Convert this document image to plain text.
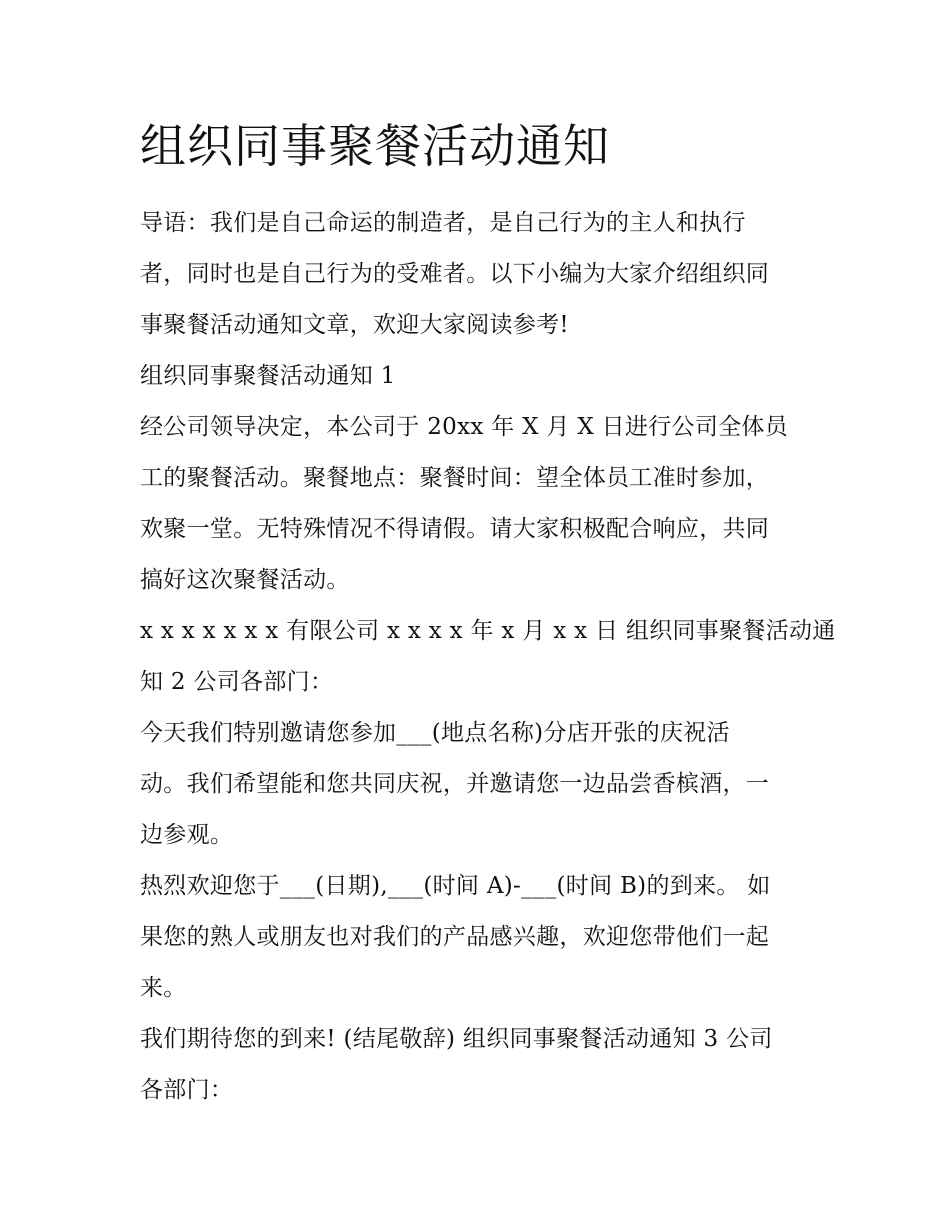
组织同事聚餐活动通知

导语：我们是自己命运的制造者，是自己行为的主人和执行
者，同时也是自己行为的受难者。以下小编为大家介绍组织同
事聚餐活动通知文章，欢迎大家阅读参考!

组织同事聚餐活动通知 1

经公司领导决定，本公司于 20xx 年 X 月 X 日进行公司全体员
工的聚餐活动。聚餐地点：聚餐时间：望全体员工准时参加，
欢聚一堂。无特殊情况不得请假。请大家积极配合响应，共同
搞好这次聚餐活动。

x x x x x x x 有限公司 x x x x 年 x 月 x x 日 组织同事聚餐活动通
知 2 公司各部门：

今天我们特别邀请您参加___(地点名称)分店开张的庆祝活
动。我们希望能和您共同庆祝，并邀请您一边品尝香槟酒，一
边参观。

热烈欢迎您于___(日期),___(时间 A)-___(时间 B)的到来。 如
果您的熟人或朋友也对我们的产品感兴趣，欢迎您带他们一起
来。

我们期待您的到来! (结尾敬辞) 组织同事聚餐活动通知 3 公司
各部门：
